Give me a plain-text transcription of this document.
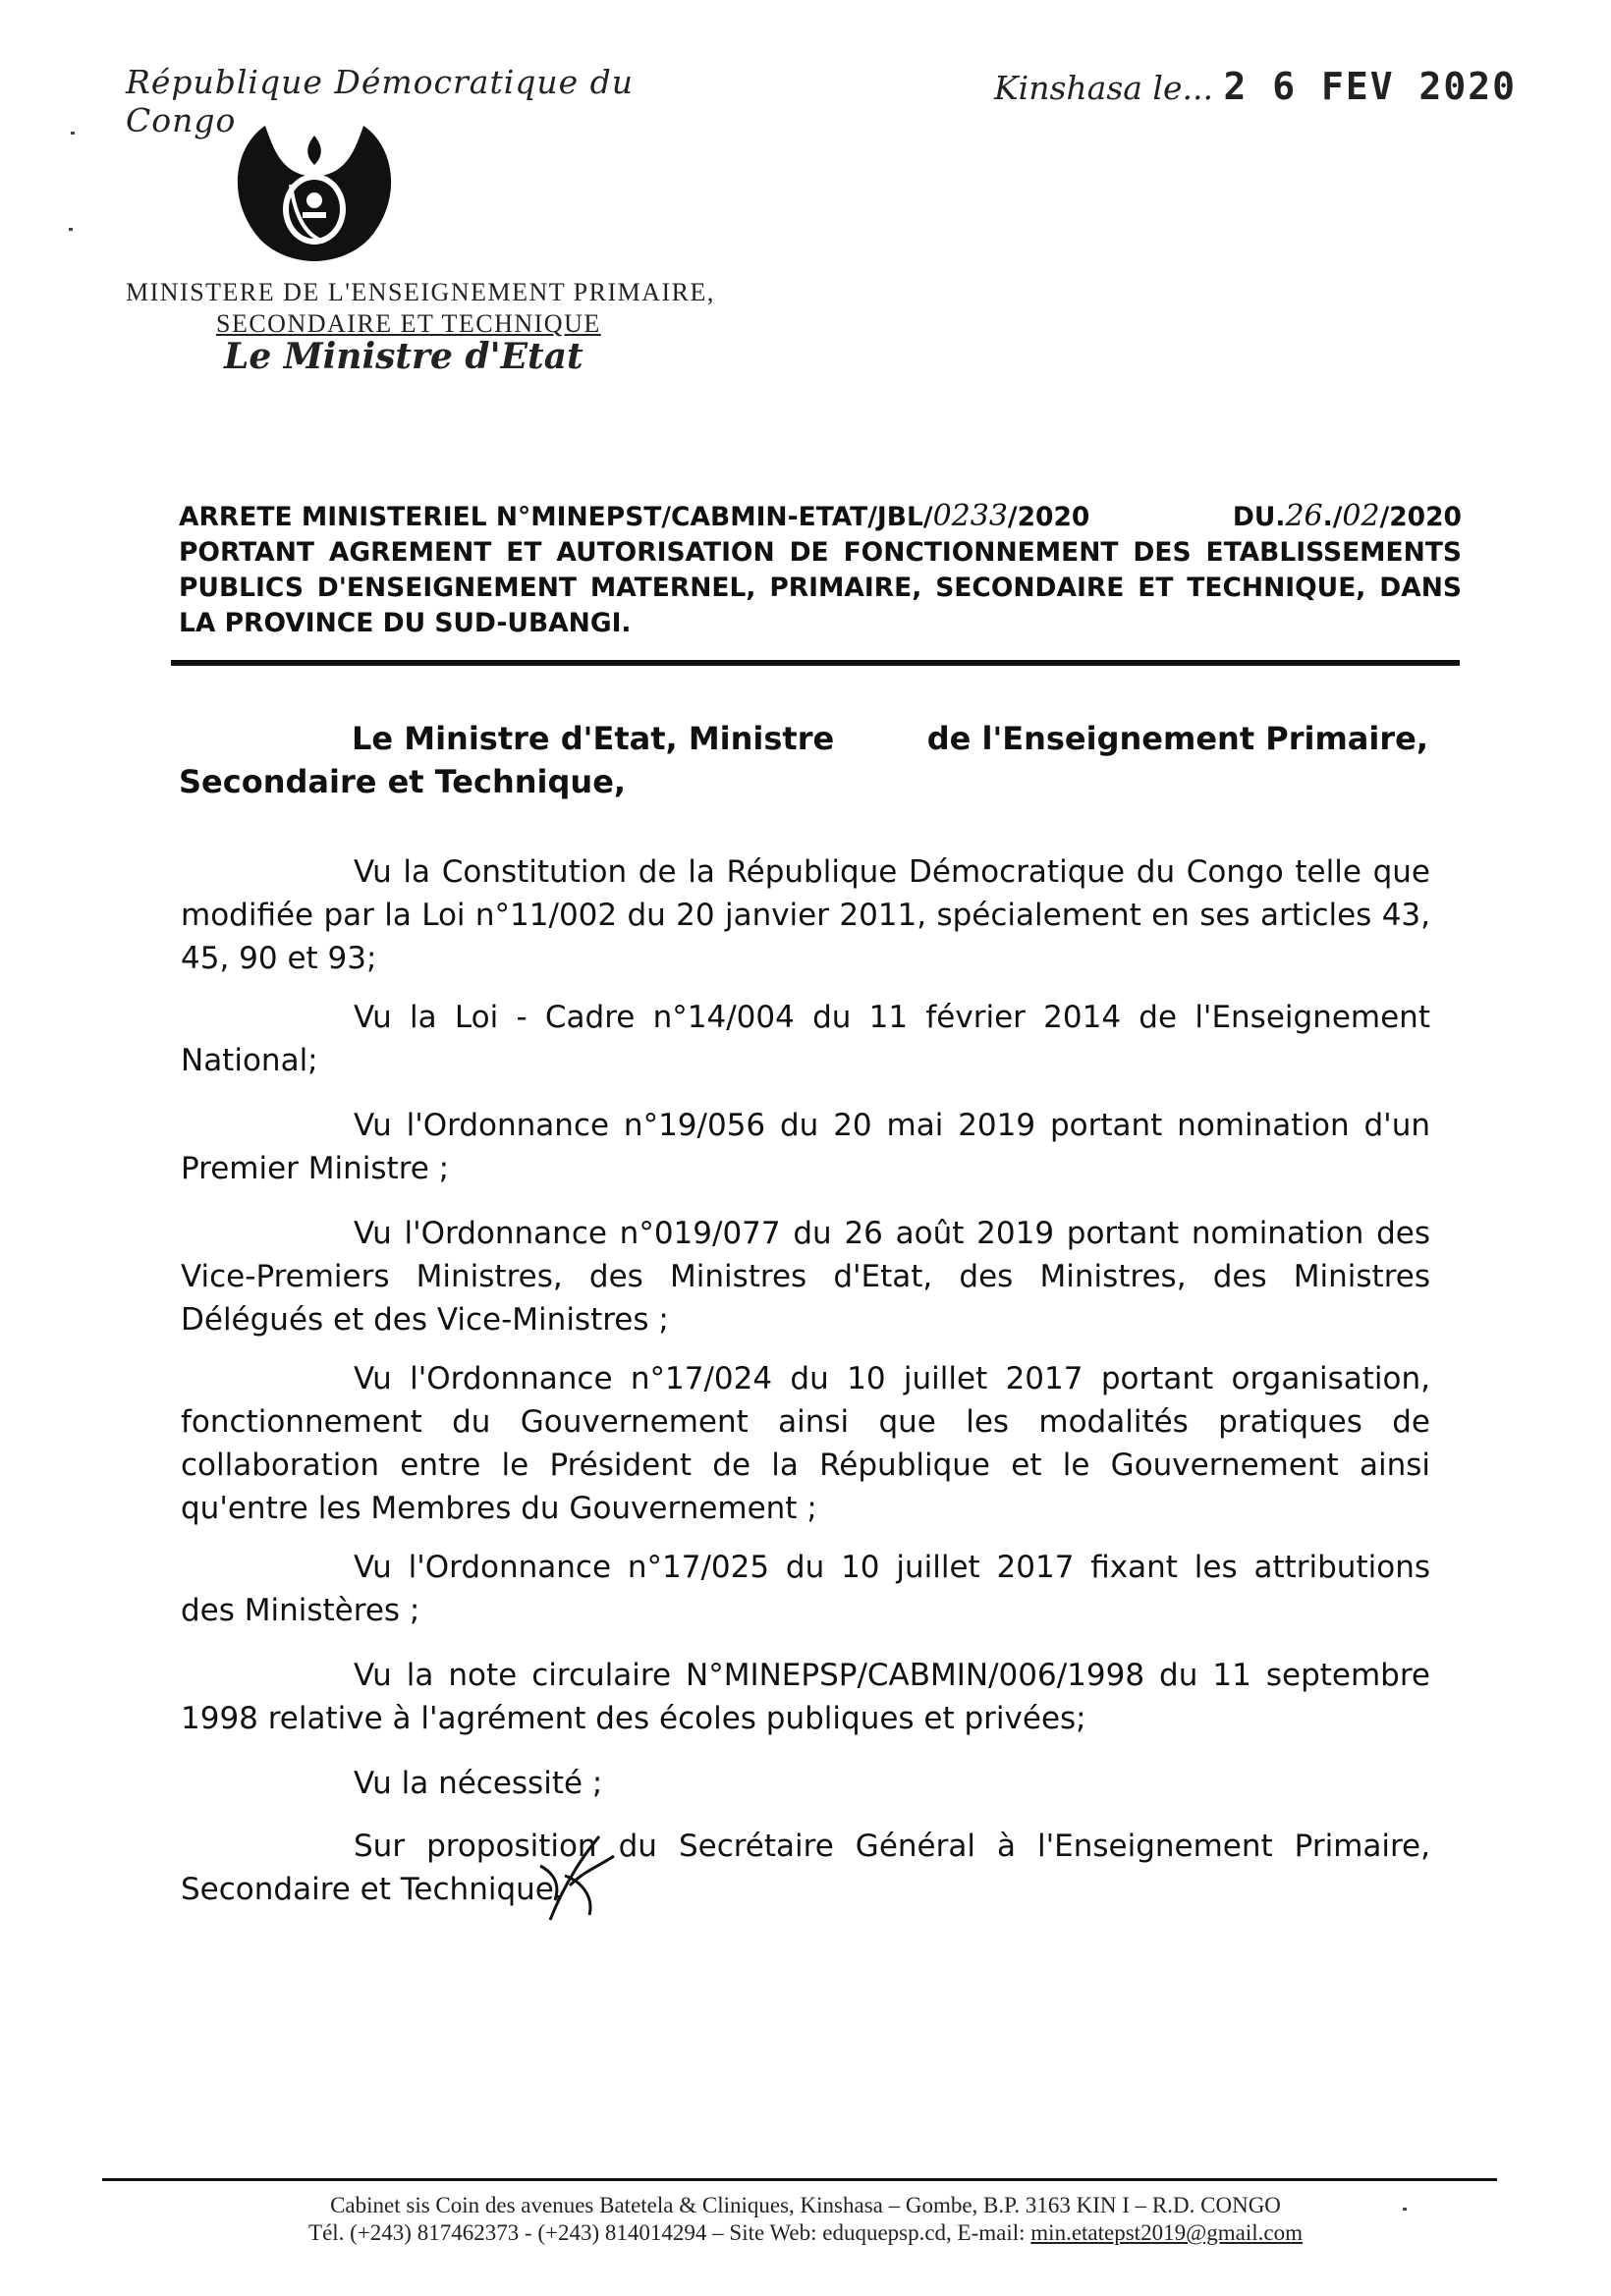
République Démocratique du Congo
MINISTERE DE L'ENSEIGNEMENT PRIMAIRE,
SECONDAIRE ET TECHNIQUE
Le Ministre d'Etat
Kinshasa le... 2 6 FEV 2020
ARRETE MINISTERIEL N°MINEPST/CABMIN-ETAT/JBL/0233/2020	DU.26./02/2020
PORTANT AGREMENT ET AUTORISATION DE FONCTIONNEMENT DES ETABLISSEMENTS PUBLICS D'ENSEIGNEMENT MATERNEL, PRIMAIRE, SECONDAIRE ET TECHNIQUE, DANS LA PROVINCE DU SUD-UBANGI.
Le Ministre d'Etat, Ministre	de l'Enseignement Primaire,
Secondaire et Technique,

Vu la Constitution de la République Démocratique du Congo telle que modifiée par la Loi n°11/002 du 20 janvier 2011, spécialement en ses articles 43, 45, 90 et 93;

Vu la Loi - Cadre n°14/004 du 11 février 2014 de l'Enseignement National;

Vu l'Ordonnance n°19/056 du 20 mai 2019 portant nomination d'un Premier Ministre ;

Vu l'Ordonnance n°019/077 du 26 août 2019 portant nomination des Vice-Premiers Ministres, des Ministres d'Etat, des Ministres, des Ministres Délégués et des Vice-Ministres ;

Vu l'Ordonnance n°17/024 du 10 juillet 2017 portant organisation, fonctionnement du Gouvernement ainsi que les modalités pratiques de collaboration entre le Président de la République et le Gouvernement ainsi qu'entre les Membres du Gouvernement ;

Vu l'Ordonnance n°17/025 du 10 juillet 2017 fixant les attributions des Ministères ;

Vu la note circulaire N°MINEPSP/CABMIN/006/1998 du 11 septembre 1998 relative à l'agrément des écoles publiques et privées;

Vu la nécessité ;

Sur proposition du Secrétaire Général à l'Enseignement Primaire, Secondaire et Technique,

Cabinet sis Coin des avenues Batetela & Cliniques, Kinshasa – Gombe, B.P. 3163 KIN I – R.D. CONGO
Tél. (+243) 817462373 - (+243) 814014294 – Site Web: eduquepsp.cd, E-mail: min.etatepst2019@gmail.com
